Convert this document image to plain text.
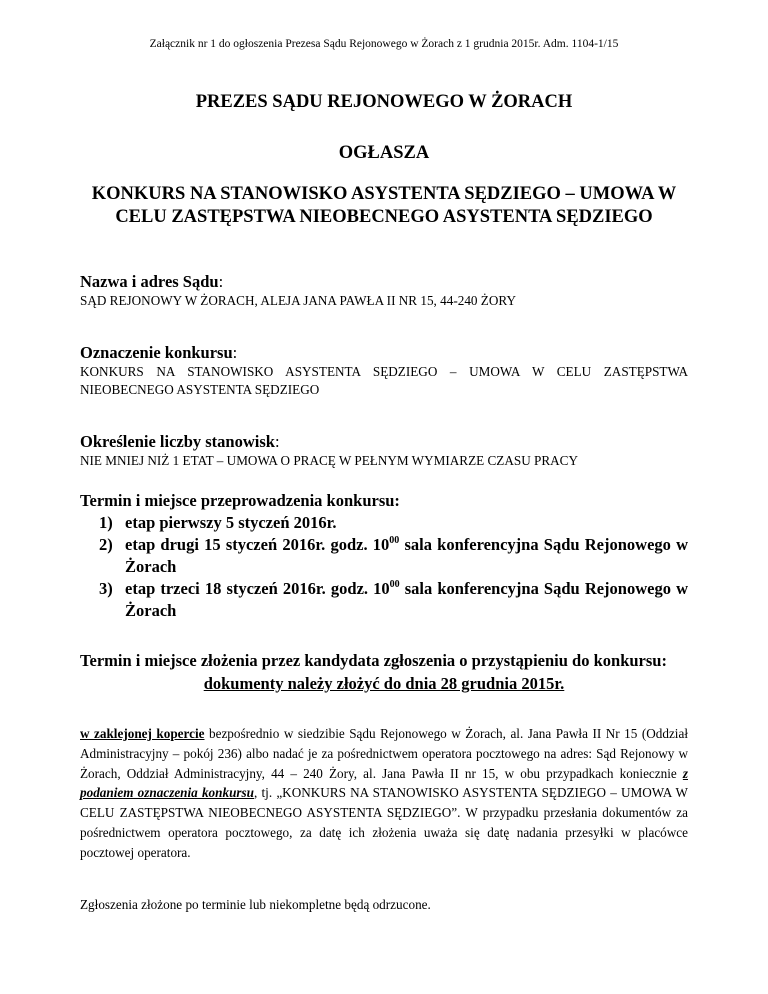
Załącznik nr 1 do ogłoszenia Prezesa Sądu Rejonowego w Żorach z 1 grudnia 2015r. Adm. 1104-1/15
PREZES SĄDU REJONOWEGO W ŻORACH
OGŁASZA
KONKURS NA STANOWISKO ASYSTENTA SĘDZIEGO – UMOWA W CELU ZASTĘPSTWA NIEOBECNEGO ASYSTENTA SĘDZIEGO
Nazwa i adres Sądu:
SĄD REJONOWY W ŻORACH, ALEJA JANA PAWŁA II NR 15, 44-240 ŻORY
Oznaczenie konkursu:
KONKURS NA STANOWISKO ASYSTENTA SĘDZIEGO – UMOWA W CELU ZASTĘPSTWA NIEOBECNEGO ASYSTENTA SĘDZIEGO
Określenie liczby stanowisk:
NIE MNIEJ NIŻ 1 ETAT – UMOWA O PRACĘ W PEŁNYM WYMIARZE CZASU PRACY
Termin i miejsce przeprowadzenia konkursu:
1) etap pierwszy 5 styczeń 2016r.
2) etap drugi 15 styczeń 2016r. godz. $10^{00}$ sala konferencyjna Sądu Rejonowego w Żorach
3) etap trzeci 18 styczeń 2016r. godz. $10^{00}$ sala konferencyjna Sądu Rejonowego w Żorach
Termin i miejsce złożenia przez kandydata zgłoszenia o przystąpieniu do konkursu:
dokumenty należy złożyć do dnia 28 grudnia 2015r.
w zaklejonej kopercie bezpośrednio w siedzibie Sądu Rejonowego w Żorach, al. Jana Pawła II Nr 15 (Oddział Administracyjny – pokój 236) albo nadać je za pośrednictwem operatora pocztowego na adres: Sąd Rejonowy w Żorach, Oddział Administracyjny, 44 – 240 Żory, al. Jana Pawła II nr 15, w obu przypadkach koniecznie z podaniem oznaczenia konkursu, tj. „KONKURS NA STANOWISKO ASYSTENTA SĘDZIEGO – UMOWA W CELU ZASTĘPSTWA NIEOBECNEGO ASYSTENTA SĘDZIEGO”. W przypadku przesłania dokumentów za pośrednictwem operatora pocztowego, za datę ich złożenia uważa się datę nadania przesyłki w placówce pocztowej operatora.
Zgłoszenia złożone po terminie lub niekompletne będą odrzucone.
